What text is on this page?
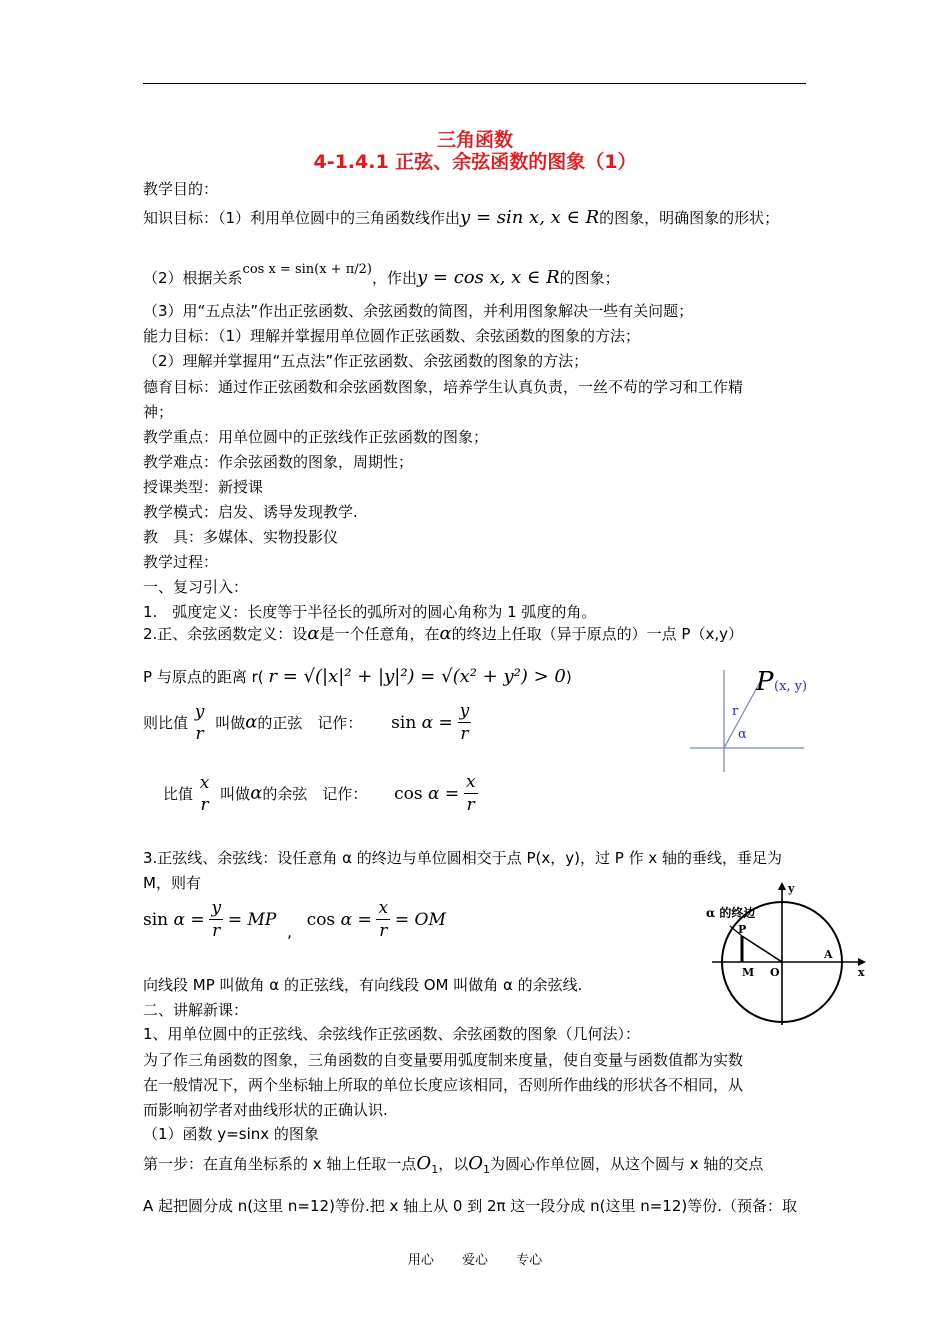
三角函数
4-1.4.1 正弦、余弦函数的图象（1）
教学目的：
知识目标：（1）利用单位圆中的三角函数线作出y = sin x, x ∈ R的图象，明确图象的形状；
（2）根据关系cos x = sin(x + π/2)，作出y = cos x, x ∈ R的图象；
（3）用“五点法”作出正弦函数、余弦函数的简图，并利用图象解决一些有关问题；
能力目标：（1）理解并掌握用单位圆作正弦函数、余弦函数的图象的方法；
（2）理解并掌握用“五点法”作正弦函数、余弦函数的图象的方法；
德育目标：通过作正弦函数和余弦函数图象，培养学生认真负责，一丝不苟的学习和工作精
神；
教学重点：用单位圆中的正弦线作正弦函数的图象；
教学难点：作余弦函数的图象，周期性；
授课类型：新授课
教学模式：启发、诱导发现教学.
教　具：多媒体、实物投影仪
教学过程：
一、复习引入：
1.　弧度定义：长度等于半径长的弧所对的圆心角称为 1 弧度的角。
2.正、余弦函数定义：设α是一个任意角，在α的终边上任取（异于原点的）一点 P（x,y）
P 与原点的距离 r( r = √(|x|² + |y|²) = √(x² + y²) > 0)
则比值
y
r
叫做α的正弦　记作： $\sin \alpha = \frac{y}{r}$
比值
x
r
叫做α的余弦　记作： $\cos \alpha = \frac{x}{r}$
3.正弦线、余弦线：设任意角 α 的终边与单位圆相交于点 P(x，y)，过 P 作 x 轴的垂线，垂足为
M，则有
$\sin \alpha = \frac{y}{r}$ = MP , $\cos \alpha = \frac{x}{r}$ = OM
向线段 MP 叫做角 α 的正弦线，有向线段 OM 叫做角 α 的余弦线.
二、讲解新课：
1、用单位圆中的正弦线、余弦线作正弦函数、余弦函数的图象（几何法）：
为了作三角函数的图象，三角函数的自变量要用弧度制来度量，使自变量与函数值都为实数
在一般情况下，两个坐标轴上所取的单位长度应该相同，否则所作曲线的形状各不相同，从
而影响初学者对曲线形状的正确认识.
（1）函数 y=sinx 的图象
第一步：在直角坐标系的 x 轴上任取一点$O_1$，以$O_1$为圆心作单位圆，从这个圆与 x 轴的交点
A 起把圆分成 n(这里 n=12)等份.把 x 轴上从 0 到 2π 这一段分成 n(这里 n=12)等份.（预备：取
P (x, y)
r
α
α 的终边
y
x
P
A
M O
用心 爱心 专心
